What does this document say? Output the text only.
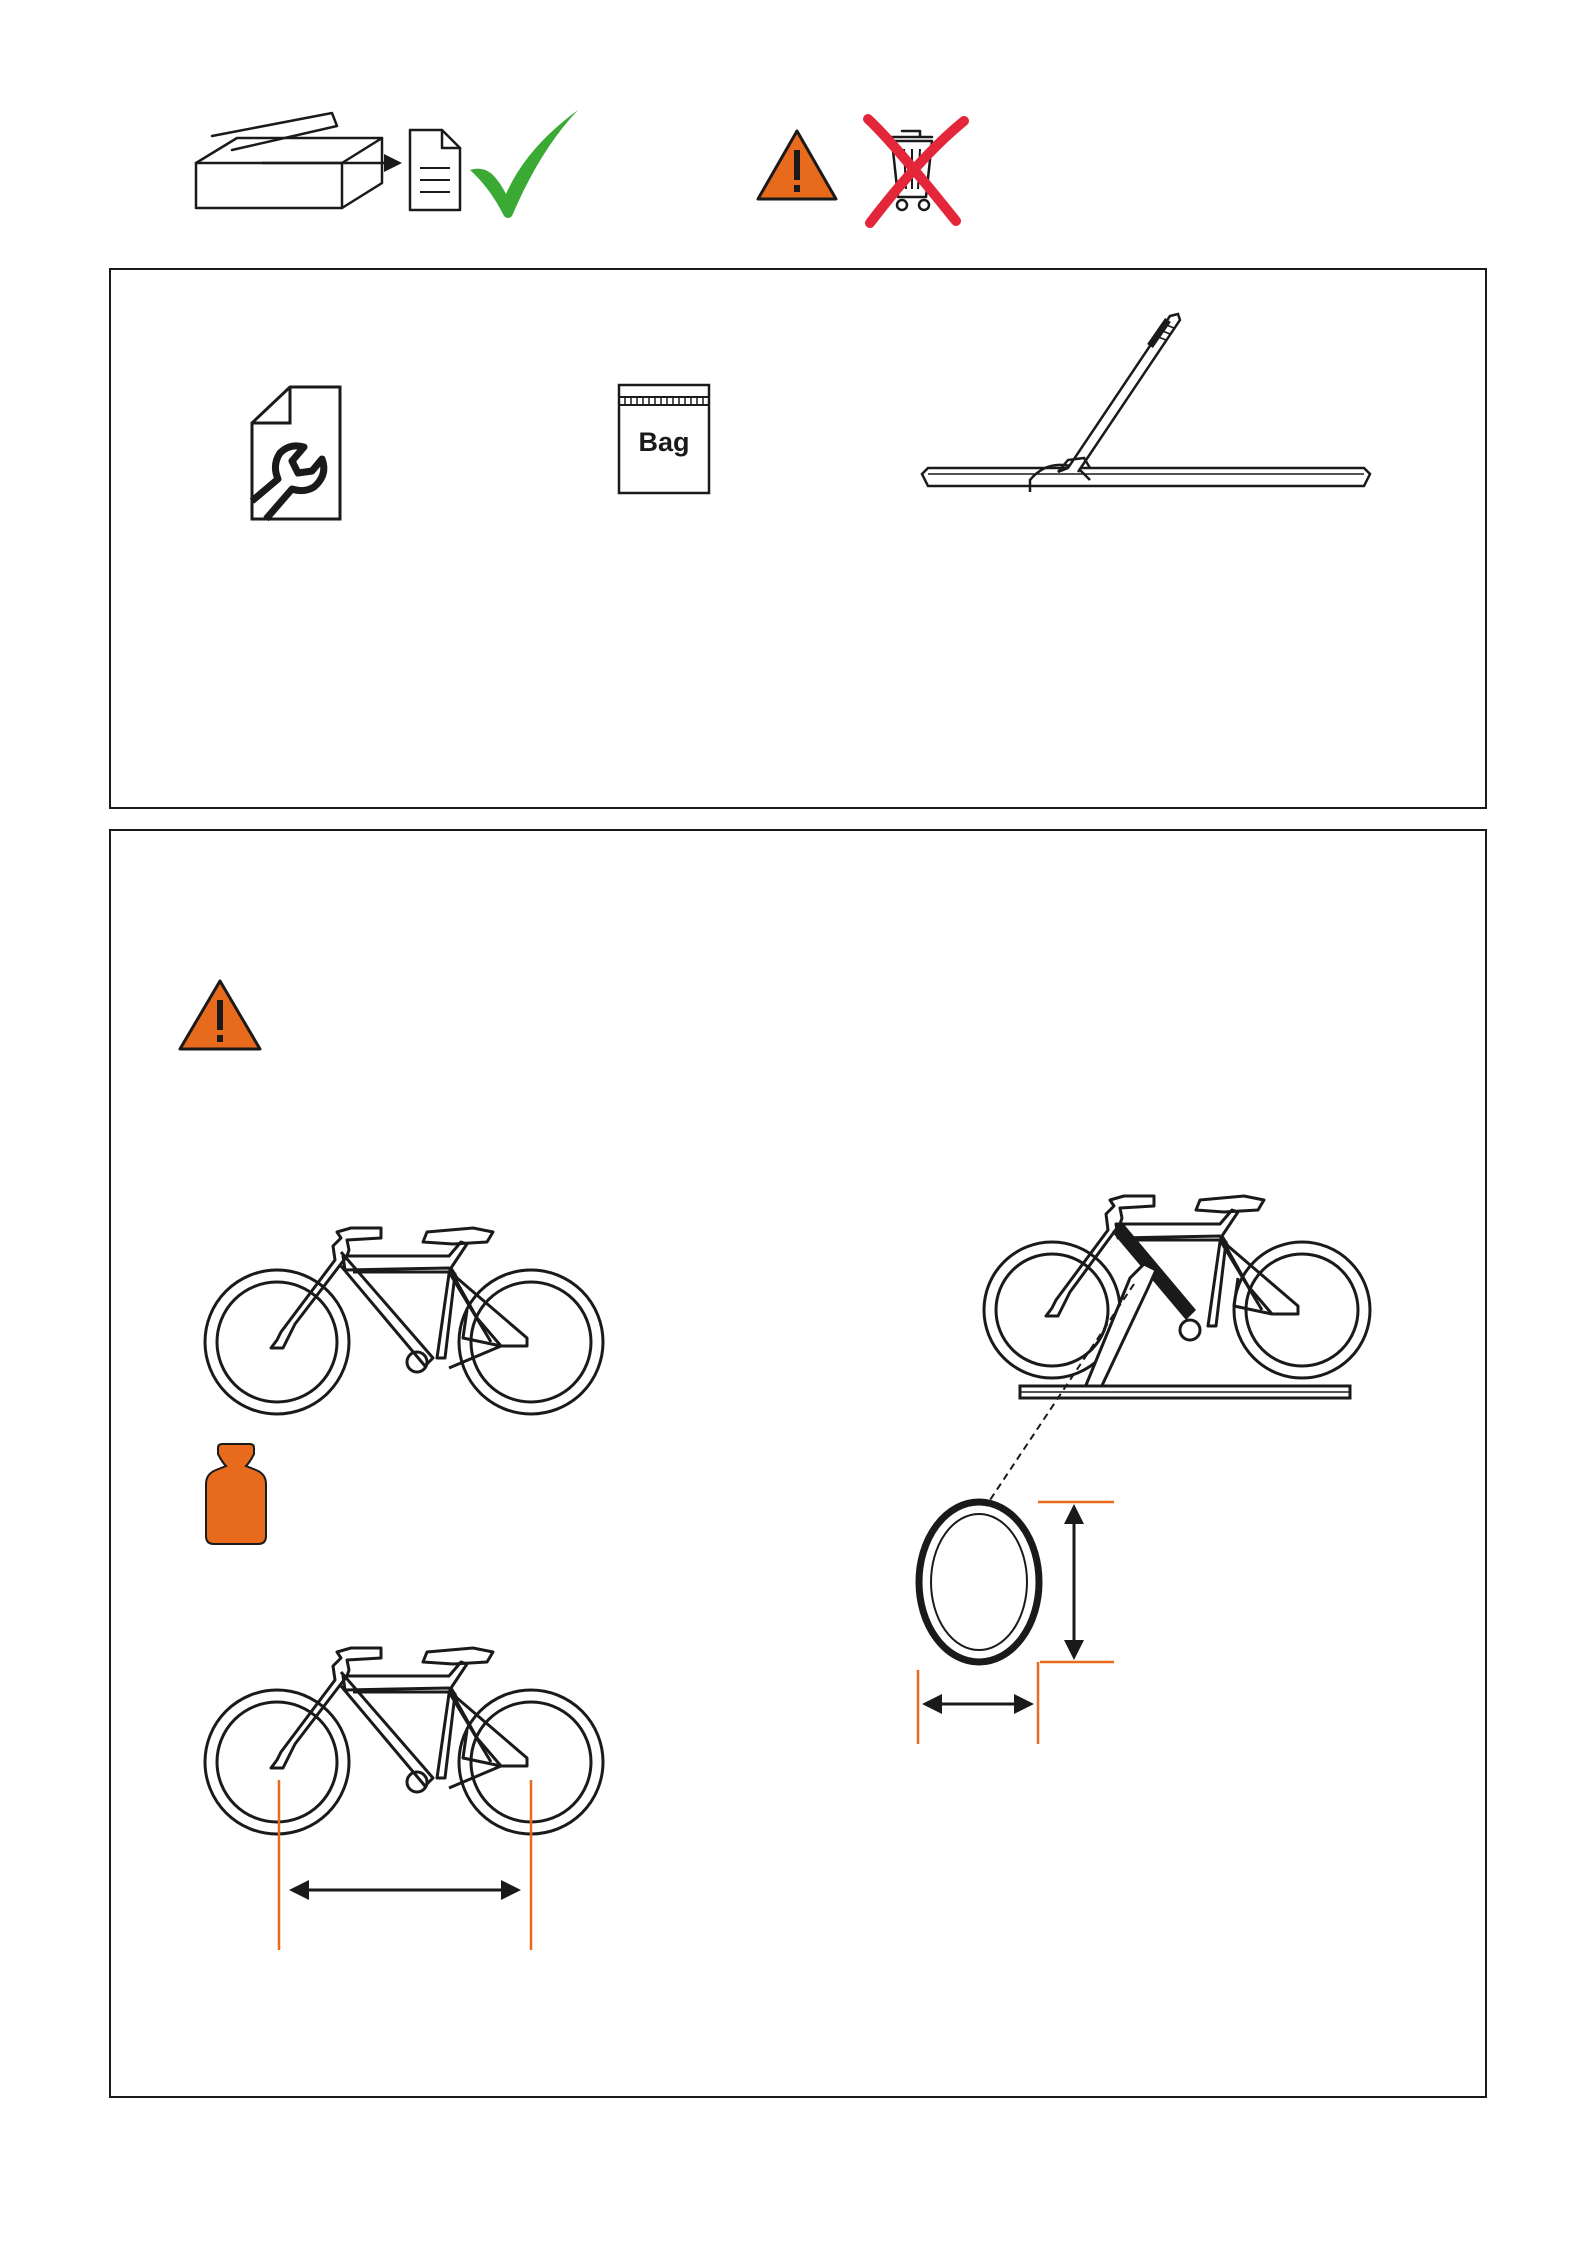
Bag
